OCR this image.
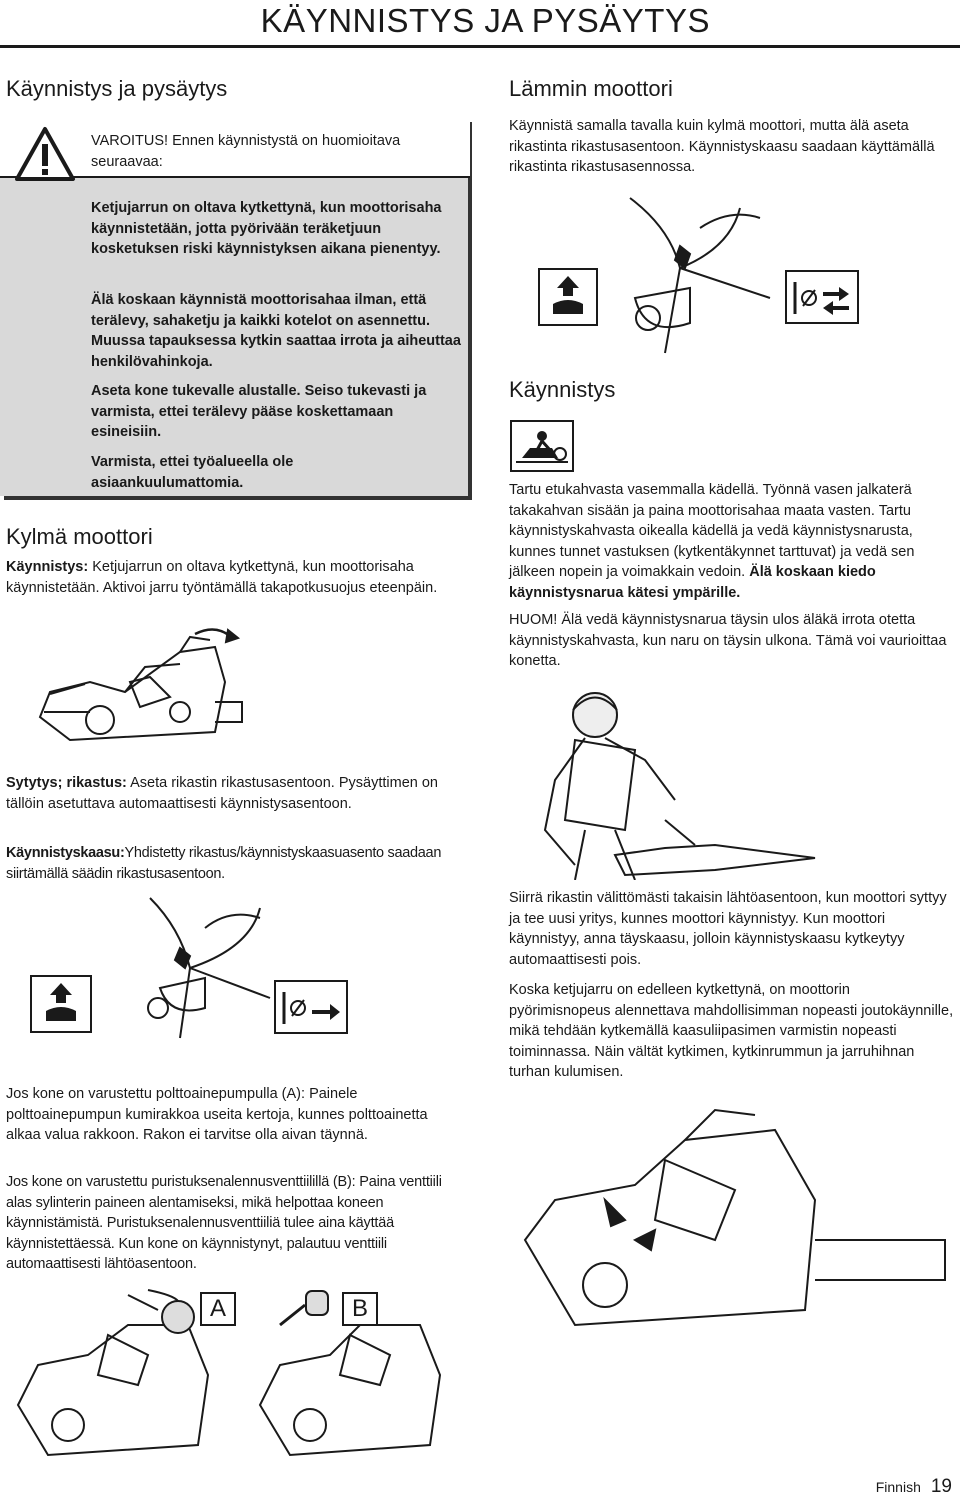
KÄYNNISTYS JA PYSÄYTYS
Käynnistys ja pysäytys

VAROITUS! Ennen käynnistystä on huomioitava seuraavaa:

Ketjujarrun on oltava kytkettynä, kun moottorisaha käynnistetään, jotta pyörivään teräketjuun kosketuksen riski käynnistyksen aikana pienentyy.

Älä koskaan käynnistä moottorisahaa ilman, että terälevy, sahaketju ja kaikki kotelot on asennettu. Muussa tapauksessa kytkin saattaa irrota ja aiheuttaa henkilövahinkoja.

Aseta kone tukevalle alustalle. Seiso tukevasti ja varmista, ettei terälevy pääse koskettamaan esineisiin.

Varmista, ettei työalueella ole asiaankuulumattomia.

Kylmä moottori

Käynnistys: Ketjujarrun on oltava kytkettynä, kun moottorisaha käynnistetään. Aktivoi jarru työntämällä takapotkusuojus eteenpäin.

Sytytys; rikastus: Aseta rikastin rikastusasentoon. Pysäyttimen on tällöin asetuttava automaattisesti käynnistysasentoon.

Käynnistyskaasu:Yhdistetty rikastus/käynnistyskaasuasento saadaan siirtämällä säädin rikastusasentoon.

Jos kone on varustettu polttoainepumpulla (A): Painele polttoainepumpun kumirakkoa useita kertoja, kunnes polttoainetta alkaa valua rakkoon. Rakon ei tarvitse olla aivan täynnä.

Jos kone on varustettu puristuksenalennusventtiilillä (B): Paina venttiili alas sylinterin paineen alentamiseksi, mikä helpottaa koneen käynnistämistä. Puristuksenalennusventtiiliä tulee aina käyttää käynnistettäessä. Kun kone on käynnistynyt, palautuu venttiili automaattisesti lähtöasentoon.

A	B
Lämmin moottori

Käynnistä samalla tavalla kuin kylmä moottori, mutta älä aseta rikastinta rikastusasentoon. Käynnistyskaasu saadaan käyttämällä rikastinta rikastusasennossa.

Käynnistys

Tartu etukahvasta vasemmalla kädellä. Työnnä vasen jalkaterä takakahvan sisään ja paina moottorisahaa maata vasten. Tartu käynnistyskahvasta oikealla kädellä ja vedä käynnistysnarusta, kunnes tunnet vastuksen (kytkentäkynnet tarttuvat) ja vedä sen jälkeen nopein ja voimakkain vedoin. Älä koskaan kiedo käynnistysnarua kätesi ympärille.

HUOM! Älä vedä käynnistysnarua täysin ulos äläkä irrota otetta käynnistyskahvasta, kun naru on täysin ulkona. Tämä voi vaurioittaa konetta.

Siirrä rikastin välittömästi takaisin lähtöasentoon, kun moottori syttyy ja tee uusi yritys, kunnes moottori käynnistyy. Kun moottori käynnistyy, anna täyskaasu, jolloin käynnistyskaasu kytkeytyy automaattisesti pois.

Koska ketjujarru on edelleen kytkettynä, on moottorin pyörimisnopeus alennettava mahdollisimman nopeasti joutokäynnille, mikä tehdään kytkemällä kaasuliipasimen varmistin nopeasti toiminnassa. Näin vältät kytkimen, kytkinrummun ja jarruhihnan turhan kulumisen.

Finnish 19
